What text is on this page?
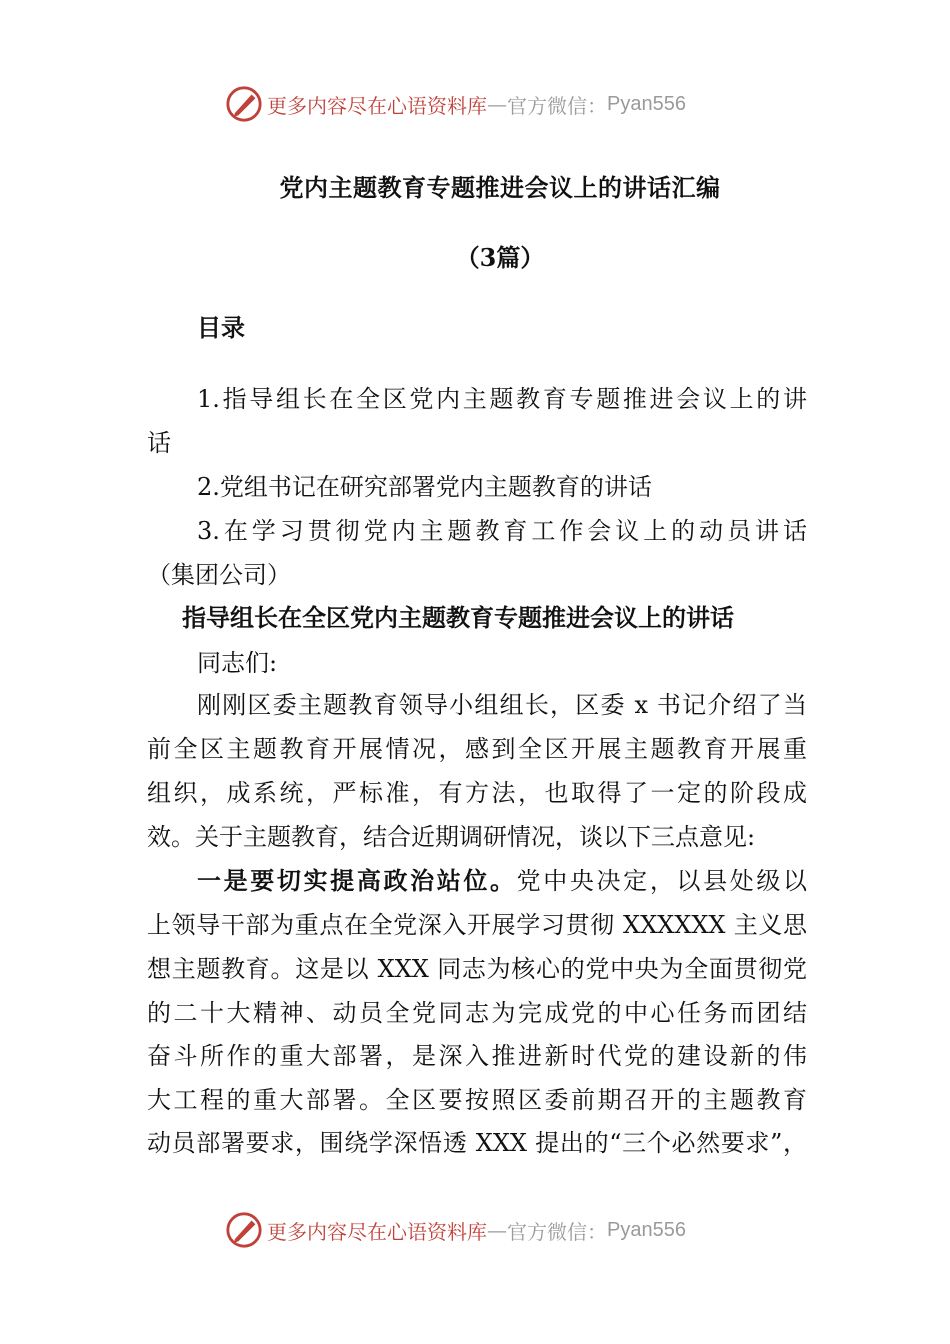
更多内容尽在心语资料库 — 官方微信： Pyan556
党内主题教育专题推进会议上的讲话汇编
（3篇）
目录
1.指导组长在全区党内主题教育专题推进会议上的讲
话
2.党组书记在研究部署党内主题教育的讲话
3.在学习贯彻党内主题教育工作会议上的动员讲话
（集团公司）
指导组长在全区党内主题教育专题推进会议上的讲话
同志们:
刚刚区委主题教育领导小组组长，区委 x 书记介绍了当
前全区主题教育开展情况，感到全区开展主题教育开展重
组织，成系统，严标准，有方法，也取得了一定的阶段成
效。关于主题教育，结合近期调研情况，谈以下三点意见:
一是要切实提高政治站位。党中央决定，以县处级以
上领导干部为重点在全党深入开展学习贯彻 XXXXXX 主义思
想主题教育。这是以 XXX 同志为核心的党中央为全面贯彻党
的二十大精神、动员全党同志为完成党的中心任务而团结
奋斗所作的重大部署，是深入推进新时代党的建设新的伟
大工程的重大部署。全区要按照区委前期召开的主题教育
动员部署要求，围绕学深悟透 XXX 提出的“三个必然要求”，
更多内容尽在心语资料库 — 官方微信： Pyan556
